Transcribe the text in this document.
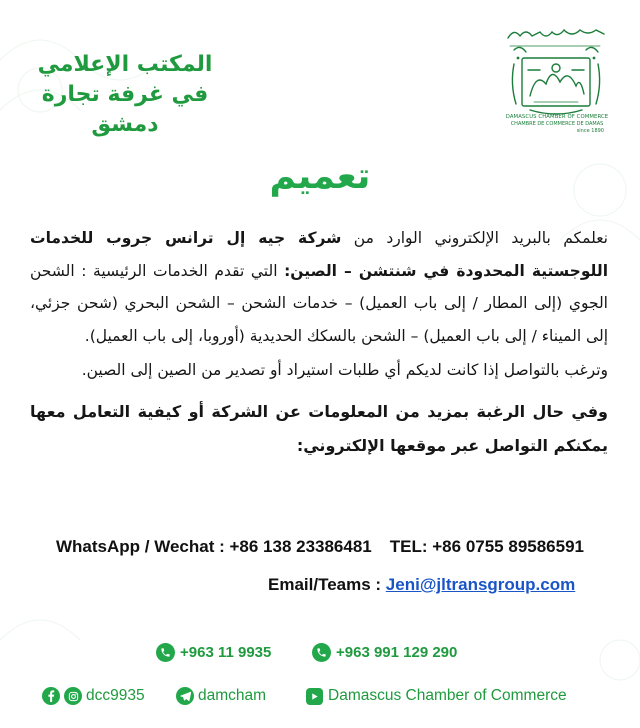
المكتب الإعلامي
في غرفة تجارة دمشق	DAMASCUS CHAMBER OF COMMERCE
CHAMBRE DE COMMERCE DE DAMAS
since 1890
تعميم

نعلمكم بالبريد الإلكتروني الوارد من شركة جيه إل ترانس جروب للخدمات اللوجستية المحدودة في شنتشن – الصين: التي تقدم الخدمات الرئيسية : الشحن الجوي (إلى المطار / إلى باب العميل) – خدمات الشحن – الشحن البحري (شحن جزئي، إلى الميناء / إلى باب العميل) – الشحن بالسكك الحديدية (أوروبا، إلى باب العميل).

وترغب بالتواصل إذا كانت لديكم أي طلبات استيراد أو تصدير من الصين إلى الصين.

وفي حال الرغبة بمزيد من المعلومات عن الشركة أو كيفية التعامل معها يمكنكم التواصل عبر موقعها الإلكتروني:

WhatsApp / Wechat : +86 138 23386481 TEL: +86 0755 89586591
Email/Teams : Jeni@jltransgroup.com
+963 11 9935	+963 991 129 290
dcc9935	damcham	Damascus Chamber of Commerce
